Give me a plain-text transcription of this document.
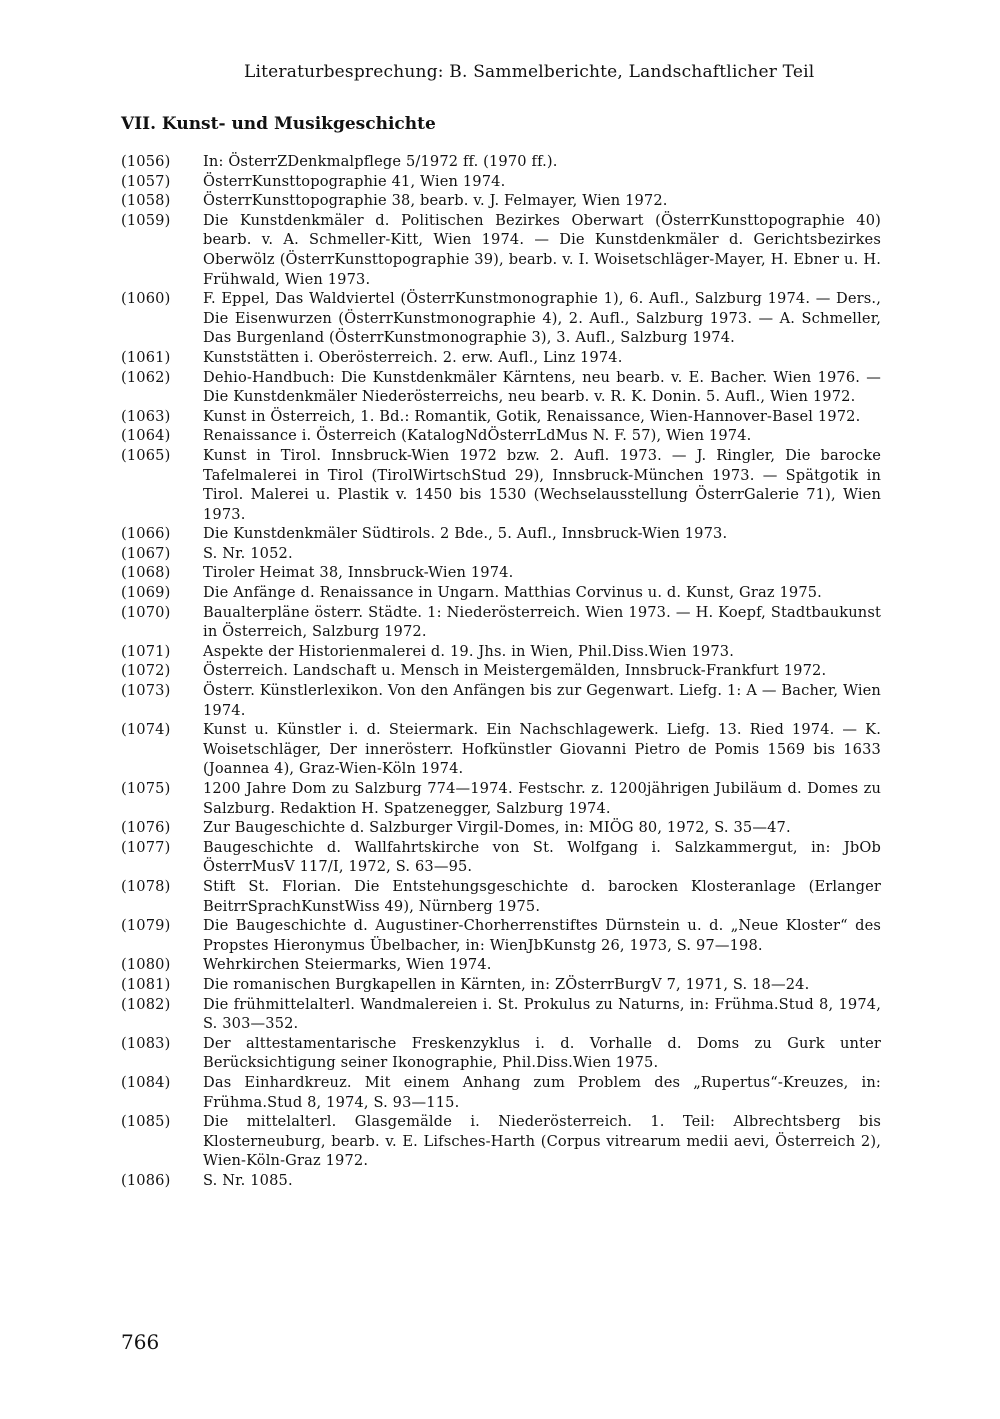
Literaturbesprechung: B. Sammelberichte, Landschaftlicher Teil
VII. Kunst- und Musikgeschichte
(1056) In: ÖsterrZDenkmalpflege 5/1972 ff. (1970 ff.).
(1057) ÖsterrKunsttopographie 41, Wien 1974.
(1058) ÖsterrKunsttopographie 38, bearb. v. J. Felmayer, Wien 1972.
(1059) Die Kunstdenkmäler d. Politischen Bezirkes Oberwart (ÖsterrKunsttopographie 40) bearb. v. A. Schmeller-Kitt, Wien 1974. — Die Kunstdenkmäler d. Gerichtsbezirkes Oberwölz (ÖsterrKunsttopographie 39), bearb. v. I. Woisetschläger-Mayer, H. Ebner u. H. Frühwald, Wien 1973.
(1060) F. Eppel, Das Waldviertel (ÖsterrKunstmonographie 1), 6. Aufl., Salzburg 1974. — Ders., Die Eisenwurzen (ÖsterrKunstmonographie 4), 2. Aufl., Salzburg 1973. — A. Schmeller, Das Burgenland (ÖsterrKunstmonographie 3), 3. Aufl., Salzburg 1974.
(1061) Kunststätten i. Oberösterreich. 2. erw. Aufl., Linz 1974.
(1062) Dehio-Handbuch: Die Kunstdenkmäler Kärntens, neu bearb. v. E. Bacher. Wien 1976. — Die Kunstdenkmäler Niederösterreichs, neu bearb. v. R. K. Donin. 5. Aufl., Wien 1972.
(1063) Kunst in Österreich, 1. Bd.: Romantik, Gotik, Renaissance, Wien-Hannover-Basel 1972.
(1064) Renaissance i. Österreich (KatalogNdÖsterrLdMus N. F. 57), Wien 1974.
(1065) Kunst in Tirol. Innsbruck-Wien 1972 bzw. 2. Aufl. 1973. — J. Ringler, Die barocke Tafelmalerei in Tirol (TirolWirtschStud 29), Innsbruck-München 1973. — Spätgotik in Tirol. Malerei u. Plastik v. 1450 bis 1530 (Wechselausstellung ÖsterrGalerie 71), Wien 1973.
(1066) Die Kunstdenkmäler Südtirols. 2 Bde., 5. Aufl., Innsbruck-Wien 1973.
(1067) S. Nr. 1052.
(1068) Tiroler Heimat 38, Innsbruck-Wien 1974.
(1069) Die Anfänge d. Renaissance in Ungarn. Matthias Corvinus u. d. Kunst, Graz 1975.
(1070) Baualterpläne österr. Städte. 1: Niederösterreich. Wien 1973. — H. Koepf, Stadtbaukunst in Österreich, Salzburg 1972.
(1071) Aspekte der Historienmalerei d. 19. Jhs. in Wien, Phil.Diss.Wien 1973.
(1072) Österreich. Landschaft u. Mensch in Meistergemälden, Innsbruck-Frankfurt 1972.
(1073) Österr. Künstlerlexikon. Von den Anfängen bis zur Gegenwart. Liefg. 1: A — Bacher, Wien 1974.
(1074) Kunst u. Künstler i. d. Steiermark. Ein Nachschlagewerk. Liefg. 13. Ried 1974. — K. Woisetschläger, Der innerösterr. Hofkünstler Giovanni Pietro de Pomis 1569 bis 1633 (Joannea 4), Graz-Wien-Köln 1974.
(1075) 1200 Jahre Dom zu Salzburg 774—1974. Festschr. z. 1200jährigen Jubiläum d. Domes zu Salzburg. Redaktion H. Spatzenegger, Salzburg 1974.
(1076) Zur Baugeschichte d. Salzburger Virgil-Domes, in: MIÖG 80, 1972, S. 35—47.
(1077) Baugeschichte d. Wallfahrtskirche von St. Wolfgang i. Salzkammergut, in: JbOb ÖsterrMusV 117/I, 1972, S. 63—95.
(1078) Stift St. Florian. Die Entstehungsgeschichte d. barocken Klosteranlage (Erlanger BeitrrSprachKunstWiss 49), Nürnberg 1975.
(1079) Die Baugeschichte d. Augustiner-Chorherrenstiftes Dürnstein u. d. „Neue Kloster“ des Propstes Hieronymus Übelbacher, in: WienJbKunstg 26, 1973, S. 97—198.
(1080) Wehrkirchen Steiermarks, Wien 1974.
(1081) Die romanischen Burgkapellen in Kärnten, in: ZÖsterrBurgV 7, 1971, S. 18—24.
(1082) Die frühmittelalterl. Wandmalereien i. St. Prokulus zu Naturns, in: Frühma.Stud 8, 1974, S. 303—352.
(1083) Der alttestamentarische Freskenzyklus i. d. Vorhalle d. Doms zu Gurk unter Berücksichtigung seiner Ikonographie, Phil.Diss.Wien 1975.
(1084) Das Einhardkreuz. Mit einem Anhang zum Problem des „Rupertus“-Kreuzes, in: Frühma.Stud 8, 1974, S. 93—115.
(1085) Die mittelalterl. Glasgemälde i. Niederösterreich. 1. Teil: Albrechtsberg bis Klosterneuburg, bearb. v. E. Lifsches-Harth (Corpus vitrearum medii aevi, Österreich 2), Wien-Köln-Graz 1972.
(1086) S. Nr. 1085.
766
